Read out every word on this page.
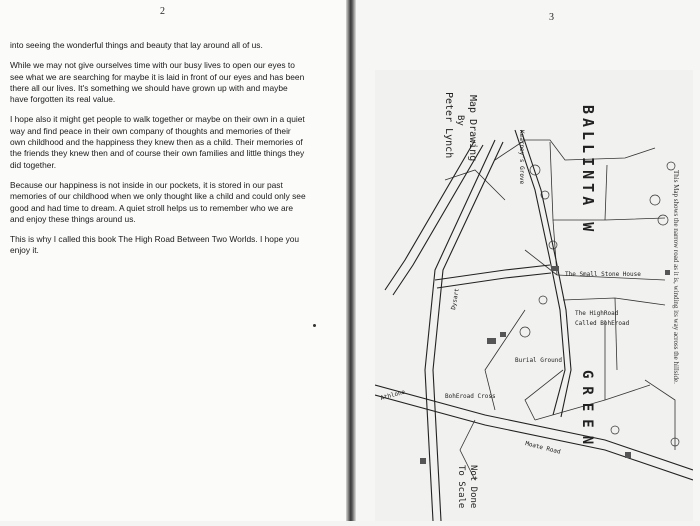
2
3

into seeing the wonderful things and beauty that lay around all of us.

While we may not give ourselves time with our busy lives to open our eyes to see what we are searching for maybe it is laid in front of our eyes and has been there all our lives. It's something we should have grown up with and maybe have forgotten its real value.

I hope also it might get people to walk together or maybe on their own in a quiet way and find peace in their own company of thoughts and memories of their own childhood and the happiness they knew then as a child. Their memories of the friends they knew then and of course their own families and little things they did together.

Because our happiness is not inside in our pockets, it is stored in our past memories of our childhood when we only thought like a child and could only see good and had time to dream. A quiet stroll helps us to remember who we are and enjoy these things around us.

This is why I called this book The High Road Between Two Worlds. I hope you enjoy it.

Map Drawing
By
Peter Lynch	BALLINTA W
GREEN
Not Done
To Scale
Kearney's Grove
The Small Stone House
The HighRoad
Called BohEroad
Burial Ground
BohEroad Cross
Athlone
Moate Road
Dysart	This Map shows the narrow road as it is, winding its way across the hillside.
